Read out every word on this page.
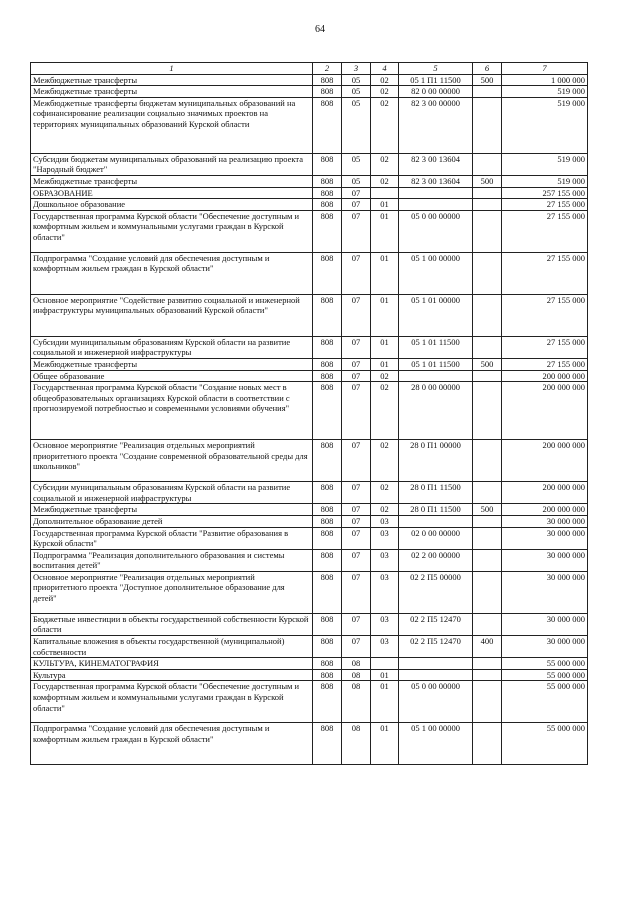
64
1	2	3	4	5	6	7
Межбюджетные трансферты	808	05	02	05 1 П1 11500	500	1 000 000
Межбюджетные трансферты	808	05	02	82 0 00 00000		519 000
Межбюджетные трансферты бюджетам муниципальных образований на софинансирование реализации социально значимых проектов на территориях муниципальных образований Курской области	808	05	02	82 3 00 00000		519 000
Субсидии бюджетам муниципальных образований на реализацию проекта "Народный бюджет"	808	05	02	82 3 00 13604		519 000
Межбюджетные трансферты	808	05	02	82 3 00 13604	500	519 000
ОБРАЗОВАНИЕ	808	07				257 155 000
Дошкольное образование	808	07	01			27 155 000
Государственная программа Курской области "Обеспечение доступным и комфортным жильем и коммунальными услугами граждан в Курской области"	808	07	01	05 0 00 00000		27 155 000
Подпрограмма "Создание условий для обеспечения доступным и комфортным жильем граждан в Курской области"	808	07	01	05 1 00 00000		27 155 000
Основное мероприятие "Содействие развитию социальной и инженерной инфраструктуры муниципальных образований Курской области"	808	07	01	05 1 01 00000		27 155 000
Субсидии муниципальным образованиям Курской области на развитие социальной и инженерной инфраструктуры	808	07	01	05 1 01 11500		27 155 000
Межбюджетные трансферты	808	07	01	05 1 01 11500	500	27 155 000
Общее образование	808	07	02			200 000 000
Государственная программа Курской области "Создание новых мест в общеобразовательных организациях Курской области в соответствии с прогнозируемой потребностью и современными условиями обучения"	808	07	02	28 0 00 00000		200 000 000
Основное мероприятие "Реализация отдельных мероприятий приоритетного проекта "Создание современной образовательной среды для школьников"	808	07	02	28 0 П1 00000		200 000 000
Субсидии муниципальным образованиям Курской области на развитие социальной и инженерной инфраструктуры	808	07	02	28 0 П1 11500		200 000 000
Межбюджетные трансферты	808	07	02	28 0 П1 11500	500	200 000 000
Дополнительное образование детей	808	07	03			30 000 000
Государственная программа Курской области "Развитие образования в Курской области"	808	07	03	02 0 00 00000		30 000 000
Подпрограмма "Реализация дополнительного образования и системы воспитания детей"	808	07	03	02 2 00 00000		30 000 000
Основное мероприятие "Реализация отдельных мероприятий приоритетного проекта "Доступное дополнительное образование для детей"	808	07	03	02 2 П5 00000		30 000 000
Бюджетные инвестиции в объекты государственной собственности Курской области	808	07	03	02 2 П5 12470		30 000 000
Капитальные вложения в объекты государственной (муниципальной) собственности	808	07	03	02 2 П5 12470	400	30 000 000
КУЛЬТУРА, КИНЕМАТОГРАФИЯ	808	08				55 000 000
Культура	808	08	01			55 000 000
Государственная программа Курской области "Обеспечение доступным и комфортным жильем и коммунальными услугами граждан в Курской области"	808	08	01	05 0 00 00000		55 000 000
Подпрограмма "Создание условий для обеспечения доступным и комфортным жильем граждан в Курской области"	808	08	01	05 1 00 00000		55 000 000
